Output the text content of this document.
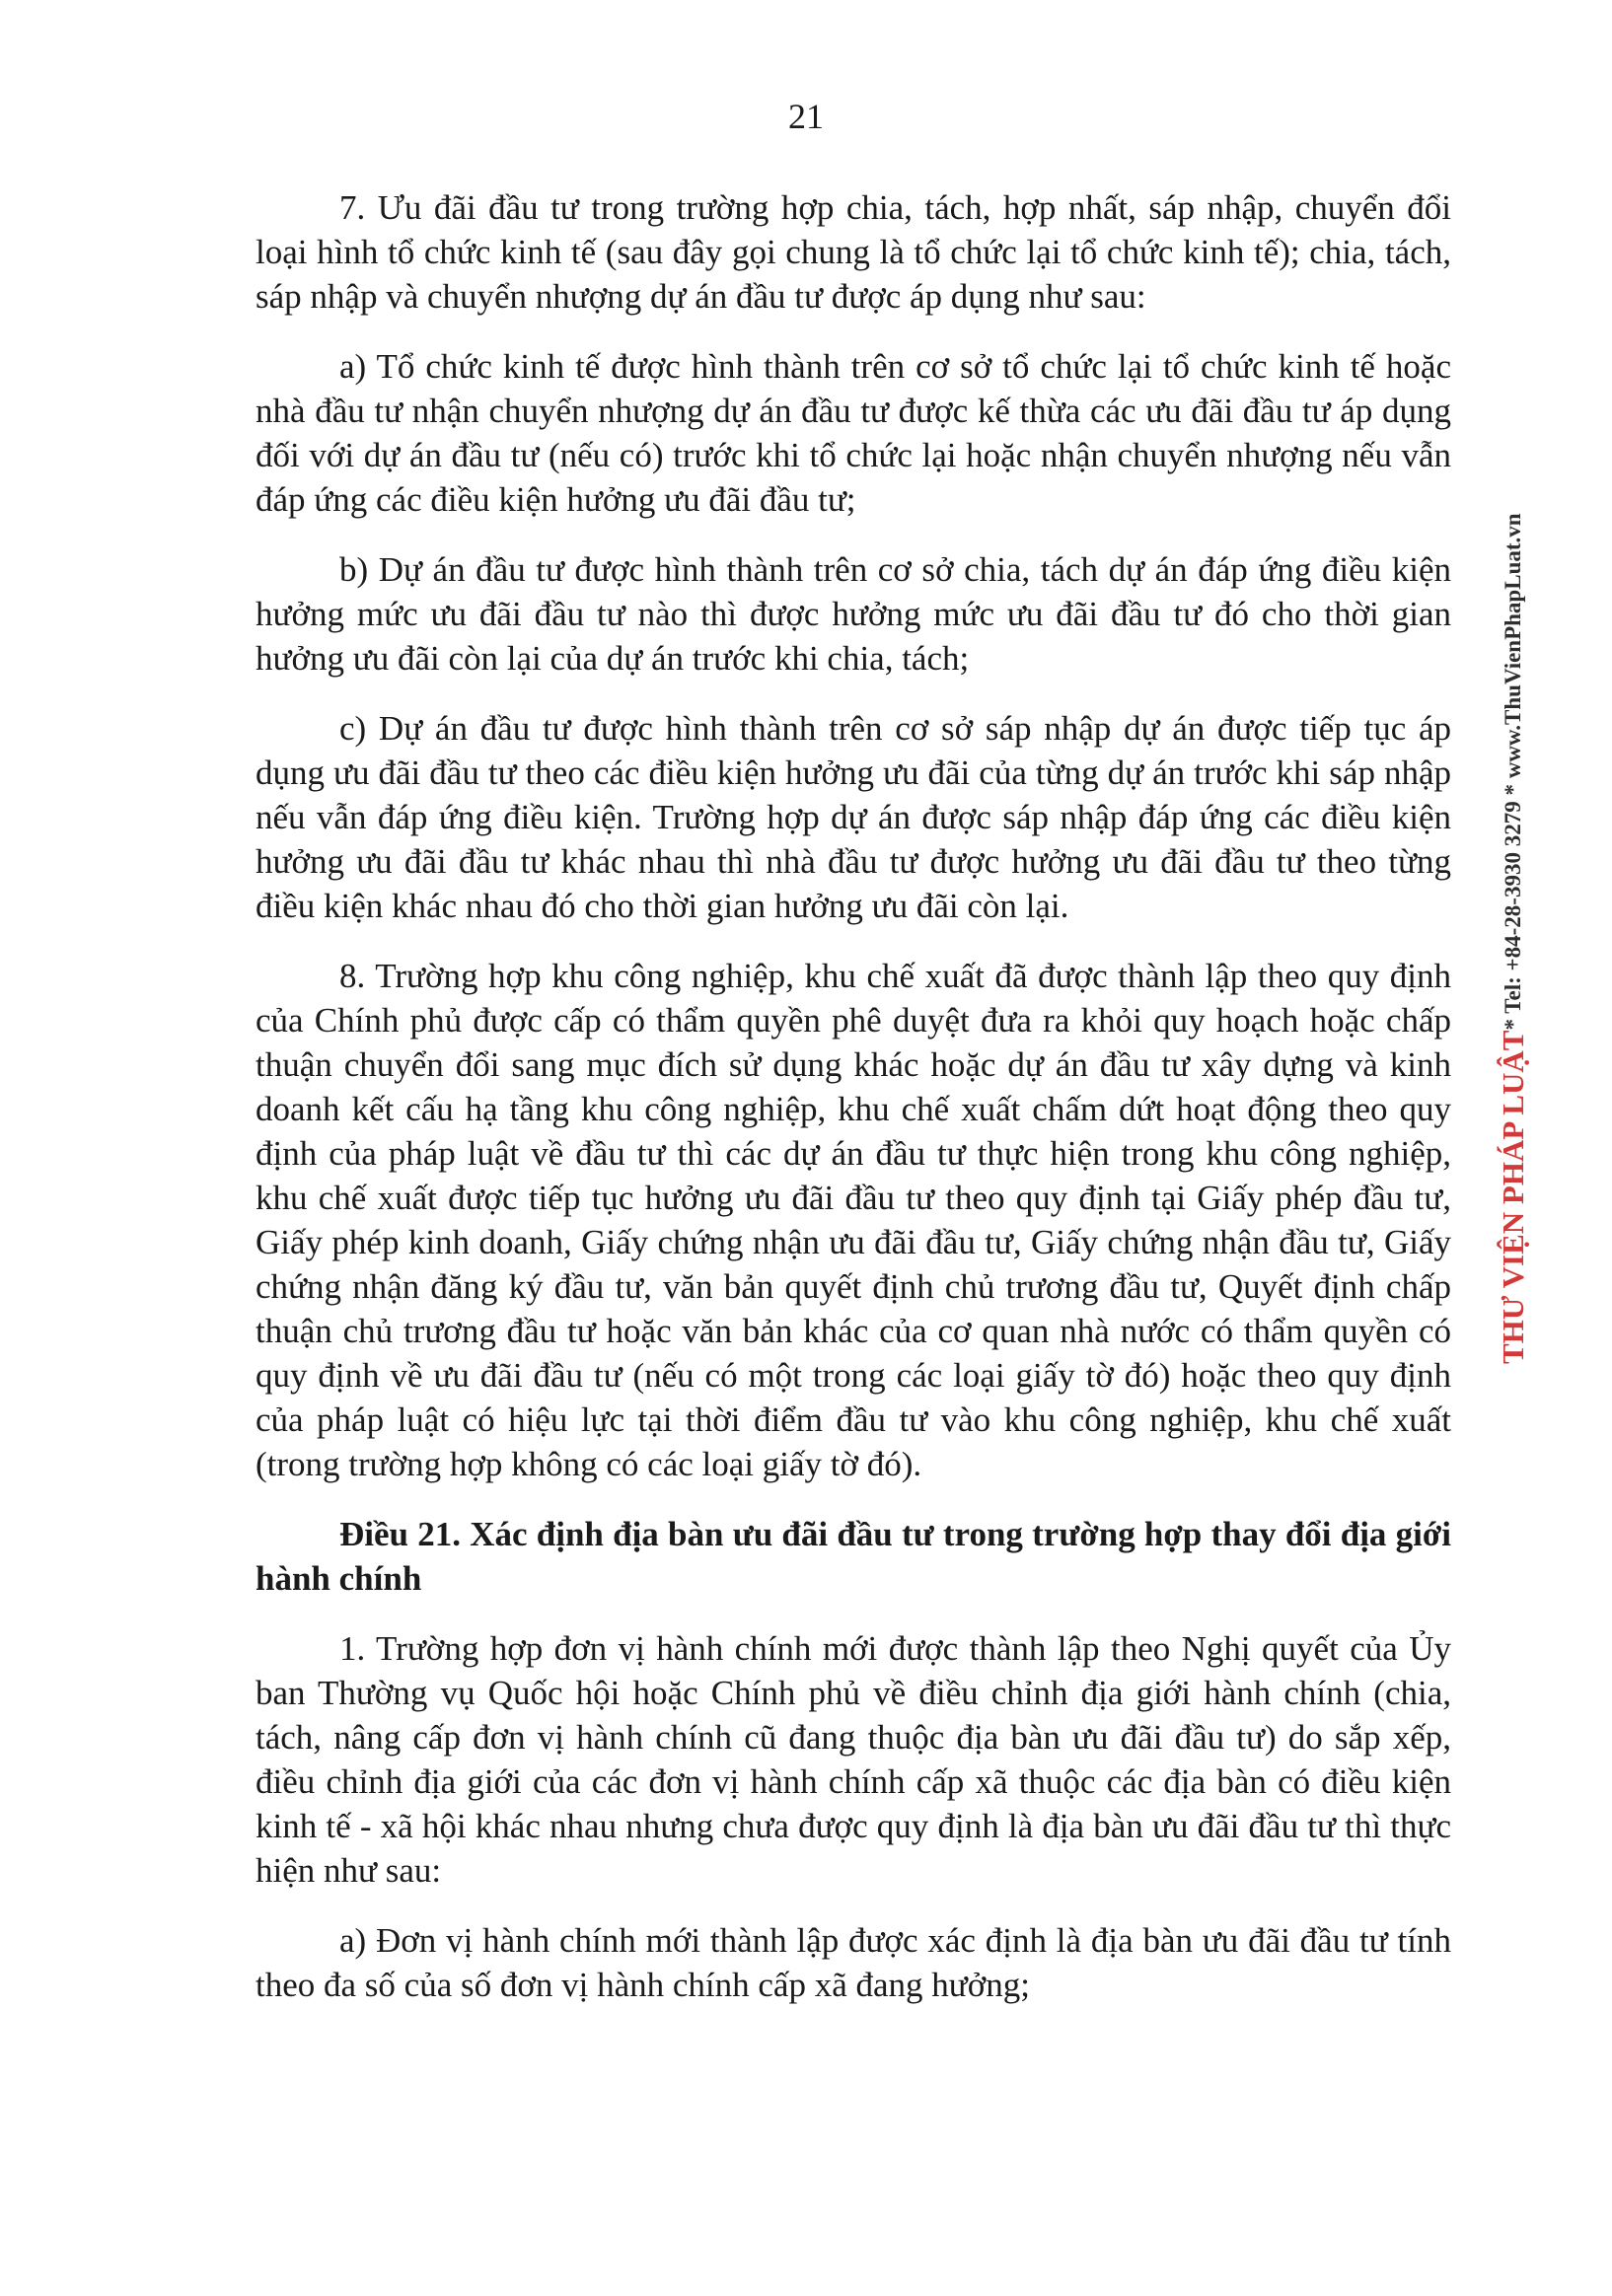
21

7. Ưu đãi đầu tư trong trường hợp chia, tách, hợp nhất, sáp nhập, chuyển đổi loại hình tổ chức kinh tế (sau đây gọi chung là tổ chức lại tổ chức kinh tế); chia, tách, sáp nhập và chuyển nhượng dự án đầu tư được áp dụng như sau:

a) Tổ chức kinh tế được hình thành trên cơ sở tổ chức lại tổ chức kinh tế hoặc nhà đầu tư nhận chuyển nhượng dự án đầu tư được kế thừa các ưu đãi đầu tư áp dụng đối với dự án đầu tư (nếu có) trước khi tổ chức lại hoặc nhận chuyển nhượng nếu vẫn đáp ứng các điều kiện hưởng ưu đãi đầu tư;

b) Dự án đầu tư được hình thành trên cơ sở chia, tách dự án đáp ứng điều kiện hưởng mức ưu đãi đầu tư nào thì được hưởng mức ưu đãi đầu tư đó cho thời gian hưởng ưu đãi còn lại của dự án trước khi chia, tách;

c) Dự án đầu tư được hình thành trên cơ sở sáp nhập dự án được tiếp tục áp dụng ưu đãi đầu tư theo các điều kiện hưởng ưu đãi của từng dự án trước khi sáp nhập nếu vẫn đáp ứng điều kiện. Trường hợp dự án được sáp nhập đáp ứng các điều kiện hưởng ưu đãi đầu tư khác nhau thì nhà đầu tư được hưởng ưu đãi đầu tư theo từng điều kiện khác nhau đó cho thời gian hưởng ưu đãi còn lại.

8. Trường hợp khu công nghiệp, khu chế xuất đã được thành lập theo quy định của Chính phủ được cấp có thẩm quyền phê duyệt đưa ra khỏi quy hoạch hoặc chấp thuận chuyển đổi sang mục đích sử dụng khác hoặc dự án đầu tư xây dựng và kinh doanh kết cấu hạ tầng khu công nghiệp, khu chế xuất chấm dứt hoạt động theo quy định của pháp luật về đầu tư thì các dự án đầu tư thực hiện trong khu công nghiệp, khu chế xuất được tiếp tục hưởng ưu đãi đầu tư theo quy định tại Giấy phép đầu tư, Giấy phép kinh doanh, Giấy chứng nhận ưu đãi đầu tư, Giấy chứng nhận đầu tư, Giấy chứng nhận đăng ký đầu tư, văn bản quyết định chủ trương đầu tư, Quyết định chấp thuận chủ trương đầu tư hoặc văn bản khác của cơ quan nhà nước có thẩm quyền có quy định về ưu đãi đầu tư (nếu có một trong các loại giấy tờ đó) hoặc theo quy định của pháp luật có hiệu lực tại thời điểm đầu tư vào khu công nghiệp, khu chế xuất (trong trường hợp không có các loại giấy tờ đó).

Điều 21. Xác định địa bàn ưu đãi đầu tư trong trường hợp thay đổi địa giới hành chính

1. Trường hợp đơn vị hành chính mới được thành lập theo Nghị quyết của Ủy ban Thường vụ Quốc hội hoặc Chính phủ về điều chỉnh địa giới hành chính (chia, tách, nâng cấp đơn vị hành chính cũ đang thuộc địa bàn ưu đãi đầu tư) do sắp xếp, điều chỉnh địa giới của các đơn vị hành chính cấp xã thuộc các địa bàn có điều kiện kinh tế - xã hội khác nhau nhưng chưa được quy định là địa bàn ưu đãi đầu tư thì thực hiện như sau:

a) Đơn vị hành chính mới thành lập được xác định là địa bàn ưu đãi đầu tư tính theo đa số của số đơn vị hành chính cấp xã đang hưởng;

THƯ VIỆN PHÁP LUẬT* Tel: +84-28-3930 3279 * www.ThuVienPhapLuat.vn
